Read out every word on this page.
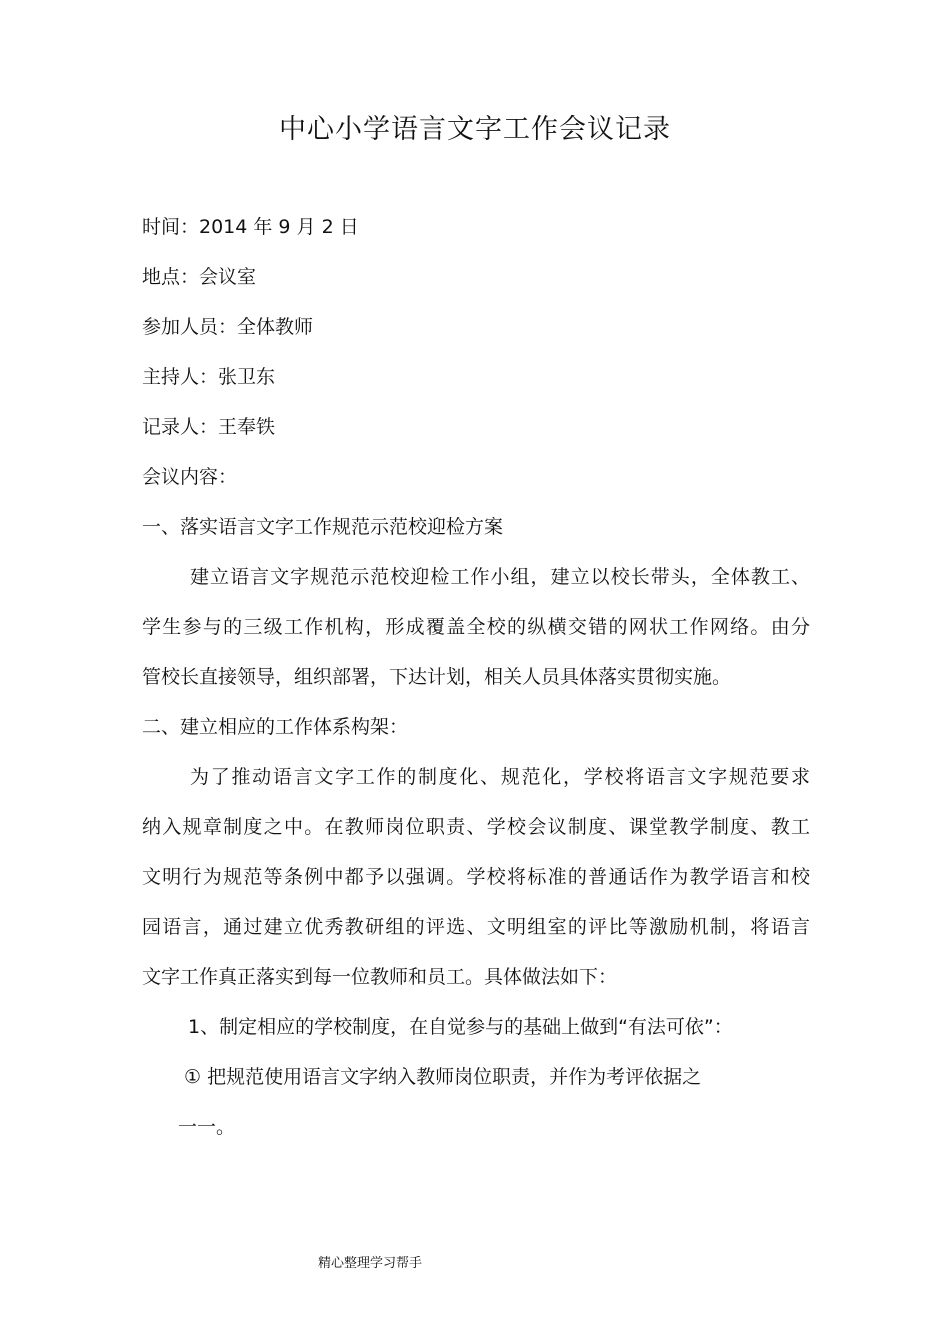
中心小学语言文字工作会议记录
时间：2014 年 9 月 2 日
地点：会议室
参加人员：全体教师
主持人：张卫东
记录人：王奉铁
会议内容：
一、落实语言文字工作规范示范校迎检方案
建立语言文字规范示范校迎检工作小组，建立以校长带头，全体教工、
学生参与的三级工作机构，形成覆盖全校的纵横交错的网状工作网络。由分
管校长直接领导，组织部署，下达计划，相关人员具体落实贯彻实施。
二、建立相应的工作体系构架：
为了推动语言文字工作的制度化、规范化，学校将语言文字规范要求
纳入规章制度之中。在教师岗位职责、学校会议制度、课堂教学制度、教工
文明行为规范等条例中都予以强调。学校将标准的普通话作为教学语言和校
园语言，通过建立优秀教研组的评选、文明组室的评比等激励机制，将语言
文字工作真正落实到每一位教师和员工。具体做法如下：
1、制定相应的学校制度，在自觉参与的基础上做到“有法可依”：
① 把规范使用语言文字纳入教师岗位职责，并作为考评依据之
一一。
精心整理学习帮手
